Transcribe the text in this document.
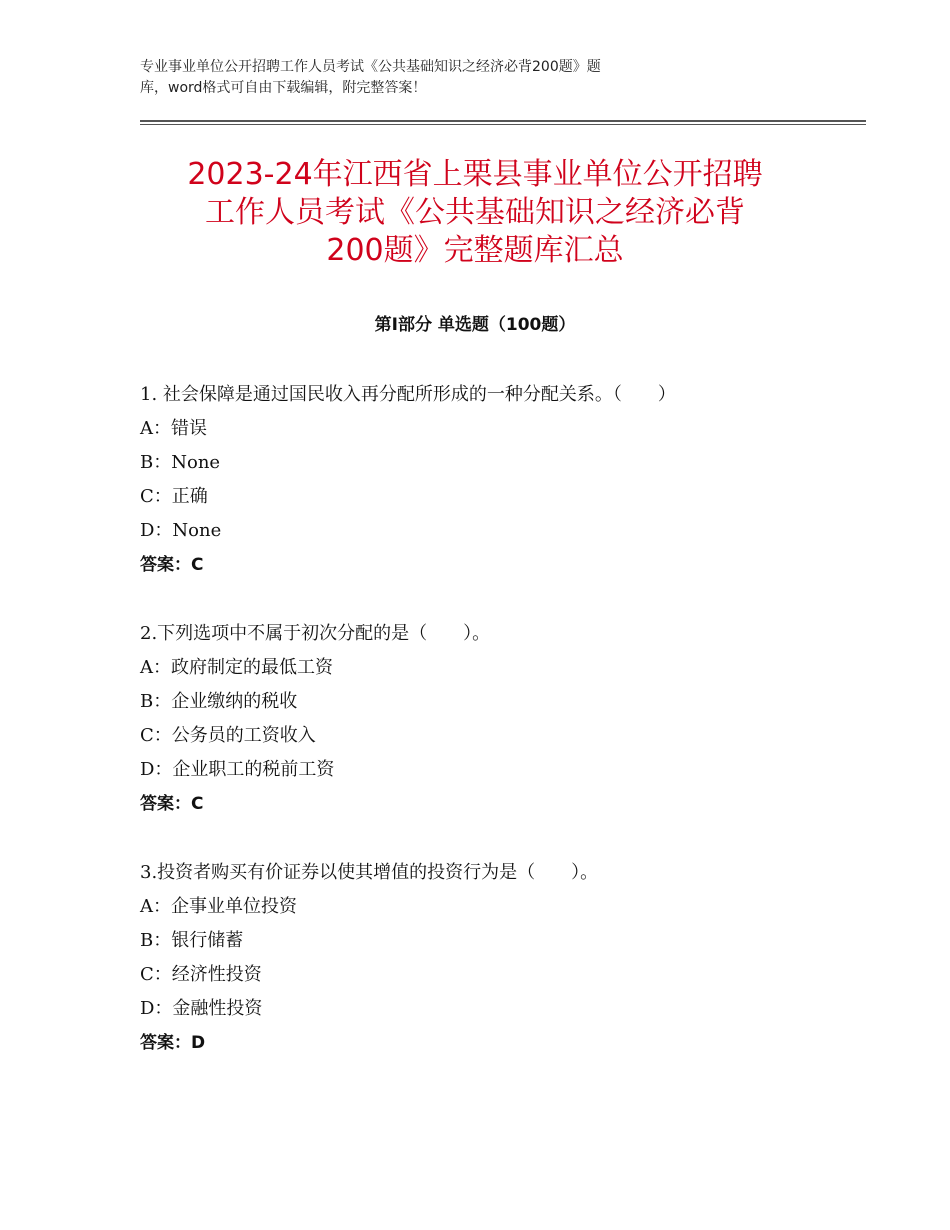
专业事业单位公开招聘工作人员考试《公共基础知识之经济必背200题》题
库，word格式可自由下载编辑，附完整答案！
2023-24年江西省上栗县事业单位公开招聘
工作人员考试《公共基础知识之经济必背
200题》完整题库汇总
第Ⅰ部分 单选题（100题）
1. 社会保障是通过国民收入再分配所形成的一种分配关系。（　　）
A：错误
B：None
C：正确
D：None
答案：C
2.下列选项中不属于初次分配的是（　　）。
A：政府制定的最低工资
B：企业缴纳的税收
C：公务员的工资收入
D：企业职工的税前工资
答案：C
3.投资者购买有价证券以使其增值的投资行为是（　　）。
A：企事业单位投资
B：银行储蓄
C：经济性投资
D：金融性投资
答案：D
